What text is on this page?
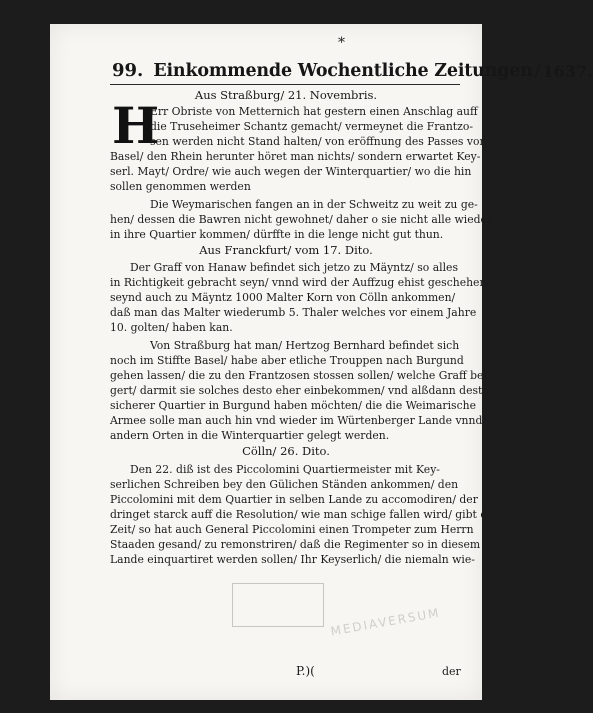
*
99. Einkommende Wochentliche Zeitungen / 1637.
MEDIAVERSUM
Aus Straßburg/ 21. Novembris.
H
Err Obriste von Metternich hat gestern einen Anschlag auff
die Truseheimer Schantz gemacht/ vermeynet die Frantzo-
sen werden nicht Stand halten/ von eröffnung des Passes von
Basel/ den Rhein herunter höret man nichts/ sondern erwartet Key-
serl. Mayt/ Ordre/ wie auch wegen der Winterquartier/ wo die hin
sollen genommen werden
Die Weymarischen fangen an in der Schweitz zu weit zu ge-
hen/ dessen die Bawren nicht gewohnet/ daher o sie nicht alle wieder
in ihre Quartier kommen/ dürffte in die lenge nicht gut thun.
Aus Franckfurt/ vom 17. Dito.
Der Graff von Hanaw befindet sich jetzo zu Mäyntz/ so alles
in Richtigkeit gebracht seyn/ vnnd wird der Auffzug ehist geschehen/
seynd auch zu Mäyntz 1000 Malter Korn von Cölln ankommen/
daß man das Malter wiederumb 5. Thaler welches vor einem Jahre
10. golten/ haben kan.
Von Straßburg hat man/ Hertzog Bernhard befindet sich
noch im Stiffte Basel/ habe aber etliche Trouppen nach Burgund
gehen lassen/ die zu den Frantzosen stossen sollen/ welche Graff beil-
gert/ darmit sie solches desto eher einbekommen/ vnd alßdann desto
sicherer Quartier in Burgund haben möchten/ die die Weimarische
Armee solle man auch hin vnd wieder im Würtenberger Lande vnnd
andern Orten in die Winterquartier gelegt werden.
Cölln/ 26. Dito.
Den 22. diß ist des Piccolomini Quartiermeister mit Key-
serlichen Schreiben bey den Gülichen Ständen ankommen/ den
Piccolomini mit dem Quartier in selben Lande zu accomodiren/ der
dringet starck auff die Resolution/ wie man schige fallen wird/ gibt die
Zeit/ so hat auch General Piccolomini einen Trompeter zum Herrn
Staaden gesand/ zu remonstriren/ daß die Regimenter so in diesem
Lande einquartiret werden sollen/ Ihr Keyserlich/ die niemaln wie-
P.)(	der
